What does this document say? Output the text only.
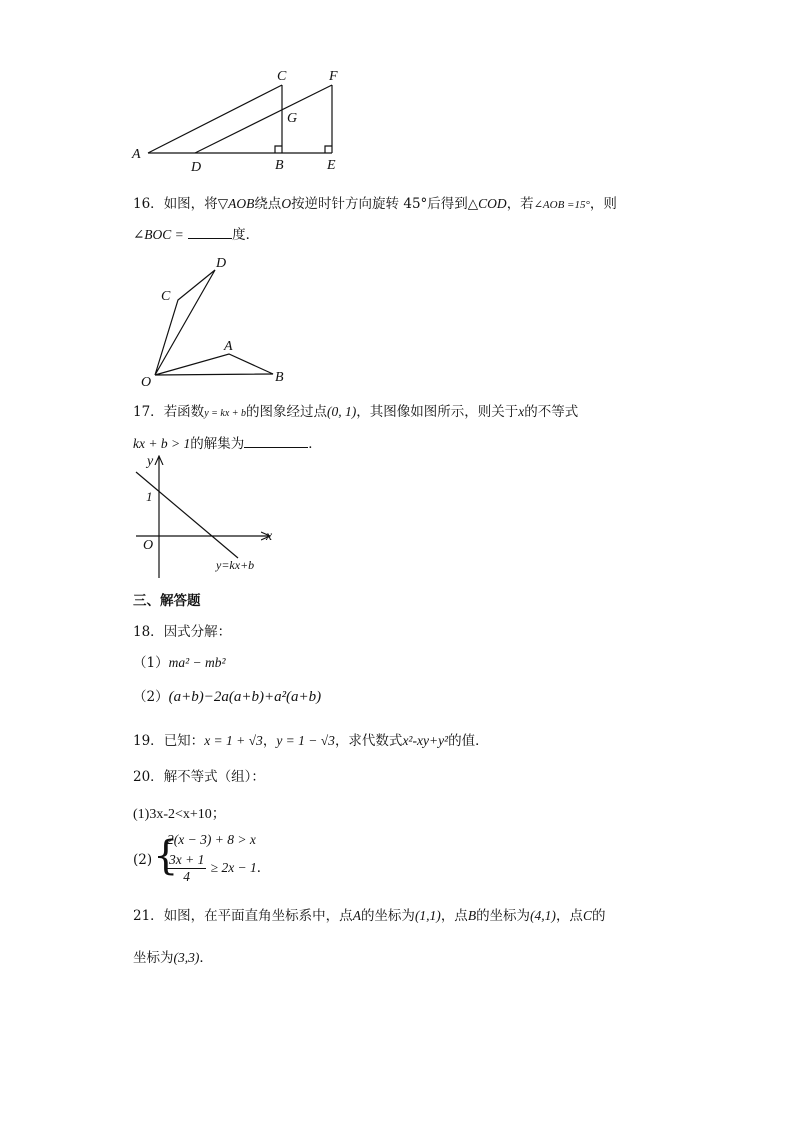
C	F
G
A
D	B	E
16．如图，将▽AOB绕点O按逆时针方向旋转 45°后得到△COD，若∠AOB =15°，则
∠BOC =	度．
D
C
A
O	B
17．若函数y = kx + b的图象经过点(0, 1)，其图像如图所示，则关于x的不等式
kx + b > 1的解集为	．
y
x
1
O
y=kx+b
三、解答题
18．因式分解：
（1）ma² − mb²
（2）(a+b)−2a(a+b)+a²(a+b)
19．已知：x = 1 + √3，y = 1 − √3，求代数式x²-xy+y²的值．
20．解不等式（组）：
(1)3x-2<x+10；
(2) {
2(x − 3) + 8 > x
$\frac{3x + 1}{4} \ge 2x - 1$．
21．如图，在平面直角坐标系中，点A的坐标为(1,1)，点B的坐标为(4,1)，点C的
坐标为(3,3)．
